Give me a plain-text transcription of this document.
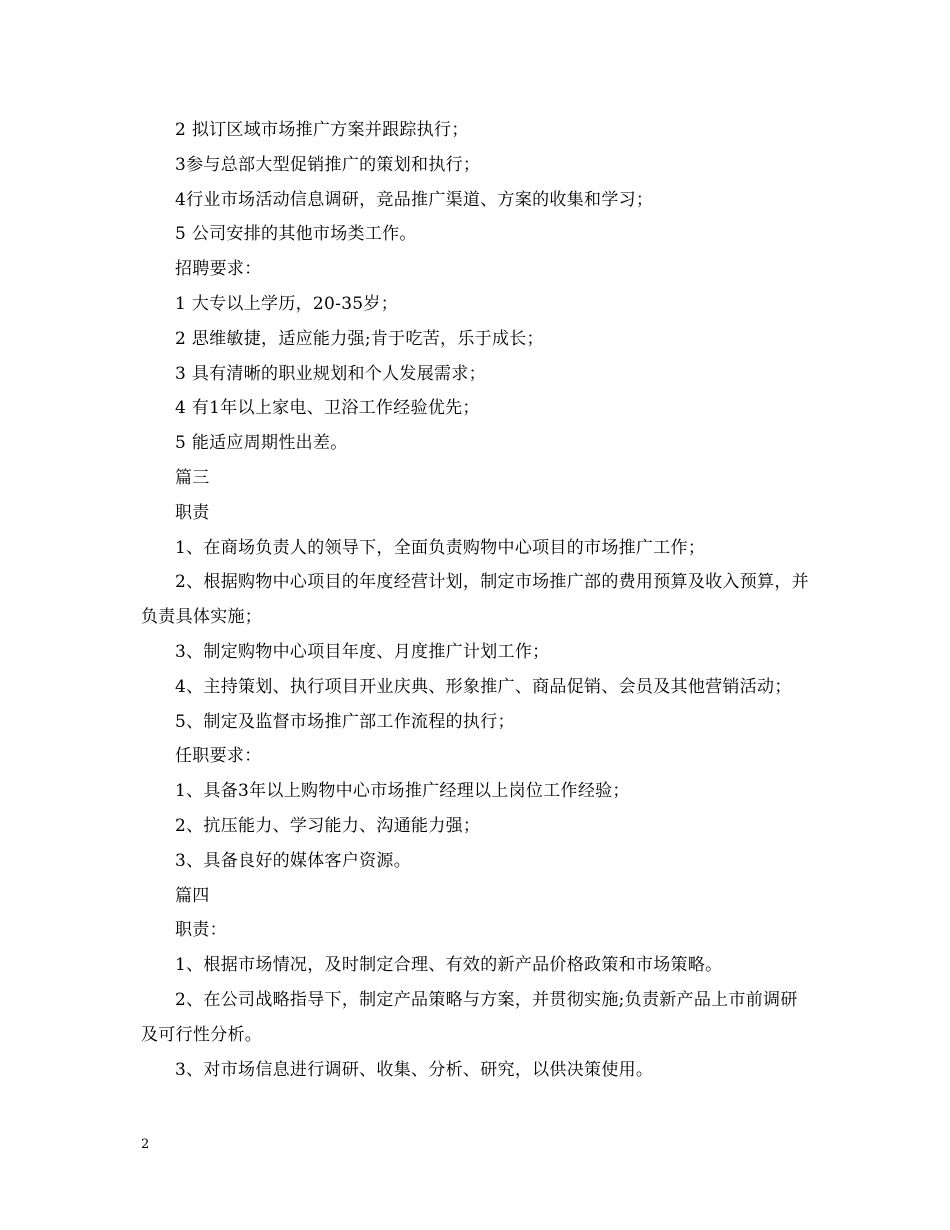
2 拟订区域市场推广方案并跟踪执行；

3参与总部大型促销推广的策划和执行；

4行业市场活动信息调研，竞品推广渠道、方案的收集和学习；

5 公司安排的其他市场类工作。

招聘要求：

1 大专以上学历，20-35岁；

2 思维敏捷，适应能力强;肯于吃苦，乐于成长；

3 具有清晰的职业规划和个人发展需求；

4 有1年以上家电、卫浴工作经验优先；

5 能适应周期性出差。

篇三

职责

1、在商场负责人的领导下，全面负责购物中心项目的市场推广工作；

2、根据购物中心项目的年度经营计划，制定市场推广部的费用预算及收入预算，并负责具体实施；

3、制定购物中心项目年度、月度推广计划工作；

4、主持策划、执行项目开业庆典、形象推广、商品促销、会员及其他营销活动；

5、制定及监督市场推广部工作流程的执行；

任职要求：

1、具备3年以上购物中心市场推广经理以上岗位工作经验；

2、抗压能力、学习能力、沟通能力强；

3、具备良好的媒体客户资源。

篇四

职责：

1、根据市场情况，及时制定合理、有效的新产品价格政策和市场策略。

2、在公司战略指导下，制定产品策略与方案，并贯彻实施;负责新产品上市前调研及可行性分析。

3、对市场信息进行调研、收集、分析、研究，以供决策使用。

2
